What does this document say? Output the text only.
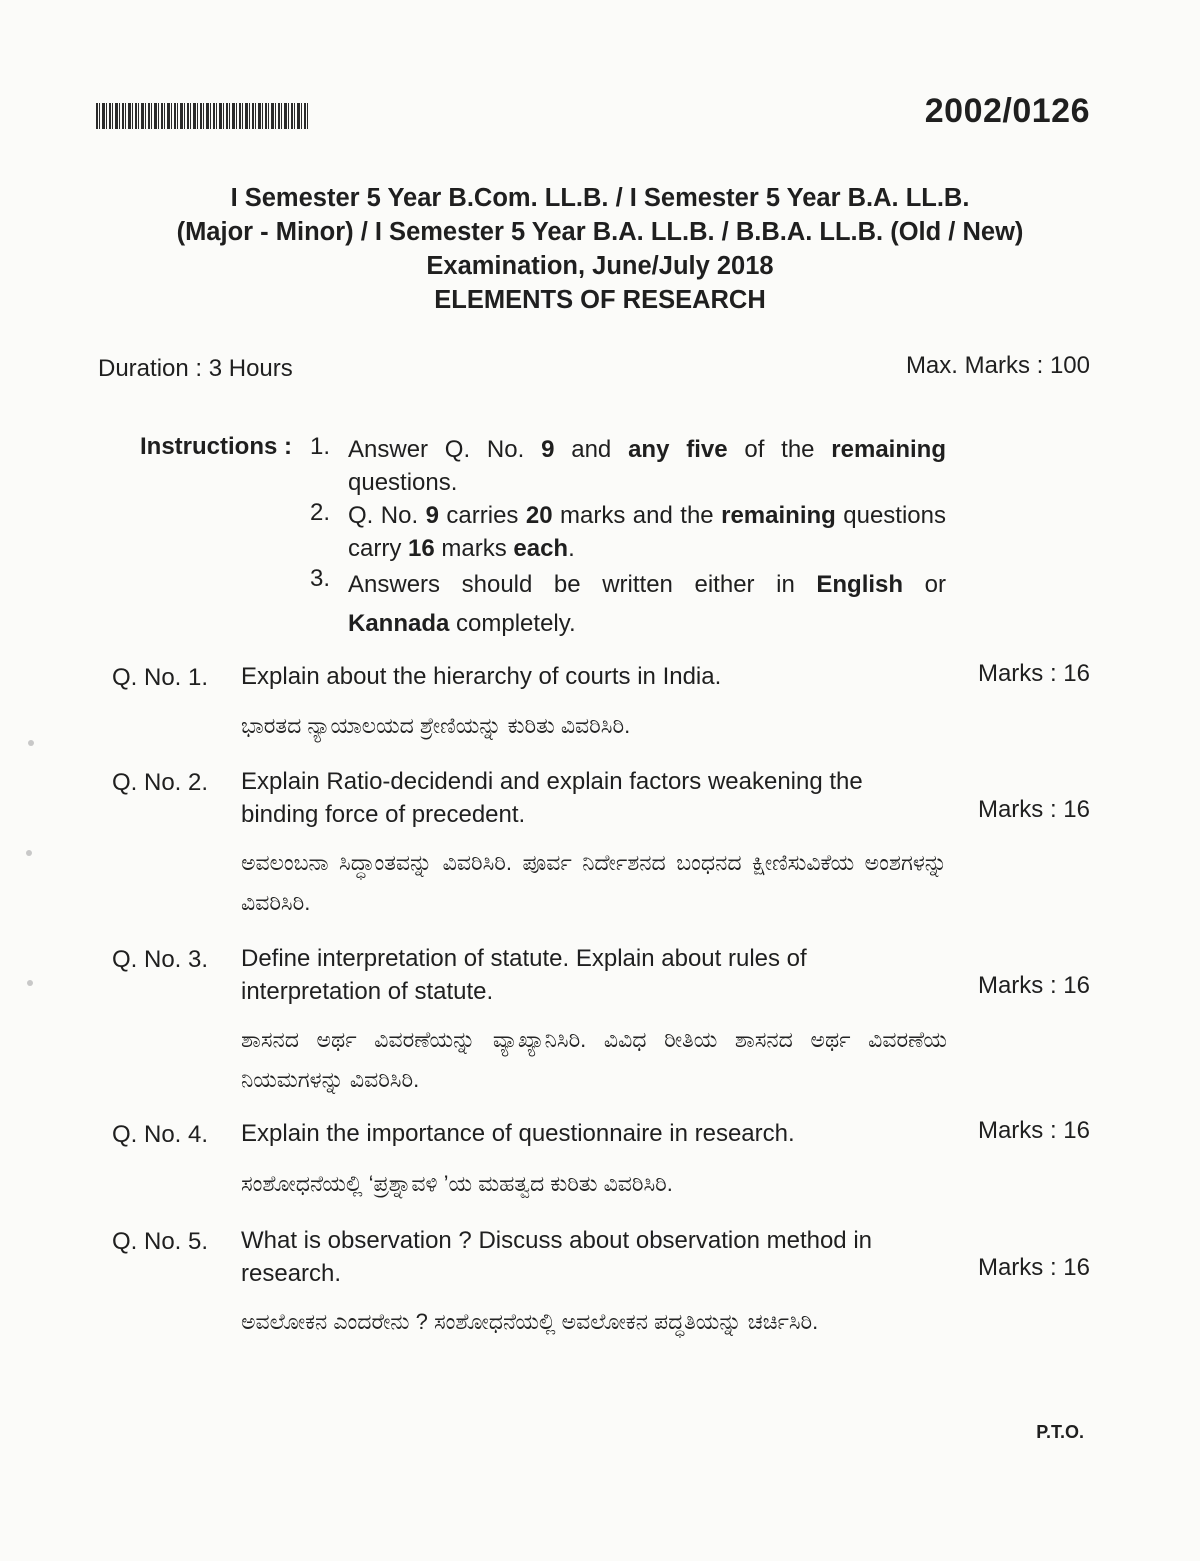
2002/0126
I Semester 5 Year B.Com. LL.B. / I Semester 5 Year B.A. LL.B.
(Major - Minor) / I Semester 5 Year B.A. LL.B. / B.B.A. LL.B. (Old / New)
Examination, June/July 2018
ELEMENTS OF RESEARCH
Duration : 3 Hours	Max. Marks : 100
Instructions : 1. Answer Q. No. 9 and any five of the remaining questions.
2. Q. No. 9 carries 20 marks and the remaining questions carry 16 marks each.
3. Answers should be written either in English or Kannada completely.
Q. No. 1. Explain about the hierarchy of courts in India.	Marks : 16
ಭಾರತದ ನ್ಯಾಯಾಲಯದ ಶ್ರೇಣಿಯನ್ನು ಕುರಿತು ವಿವರಿಸಿರಿ.
Q. No. 2. Explain Ratio-decidendi and explain factors weakening the binding force of precedent.	Marks : 16
ಅವಲಂಬನಾ ಸಿದ್ಧಾಂತವನ್ನು ವಿವರಿಸಿರಿ. ಪೂರ್ವ ನಿರ್ದೇಶನದ ಬಂಧನದ ಕ್ಷೀಣಿಸುವಿಕೆಯ ಅಂಶಗಳನ್ನು ವಿವರಿಸಿರಿ.
Q. No. 3. Define interpretation of statute. Explain about rules of interpretation of statute.	Marks : 16
ಶಾಸನದ ಅರ್ಥ ವಿವರಣೆಯನ್ನು ವ್ಯಾಖ್ಯಾನಿಸಿರಿ. ವಿವಿಧ ರೀತಿಯ ಶಾಸನದ ಅರ್ಥ ವಿವರಣೆಯ ನಿಯಮಗಳನ್ನು ವಿವರಿಸಿರಿ.
Q. No. 4. Explain the importance of questionnaire in research.	Marks : 16
ಸಂಶೋಧನೆಯಲ್ಲಿ ‘ಪ್ರಶ್ನಾವಳಿ ’ಯ ಮಹತ್ವದ ಕುರಿತು ವಿವರಿಸಿರಿ.
Q. No. 5. What is observation ? Discuss about observation method in research.	Marks : 16
ಅವಲೋಕನ ಎಂದರೇನು ? ಸಂಶೋಧನೆಯಲ್ಲಿ ಅವಲೋಕನ ಪದ್ಧತಿಯನ್ನು ಚರ್ಚಿಸಿರಿ.
P.T.O.
